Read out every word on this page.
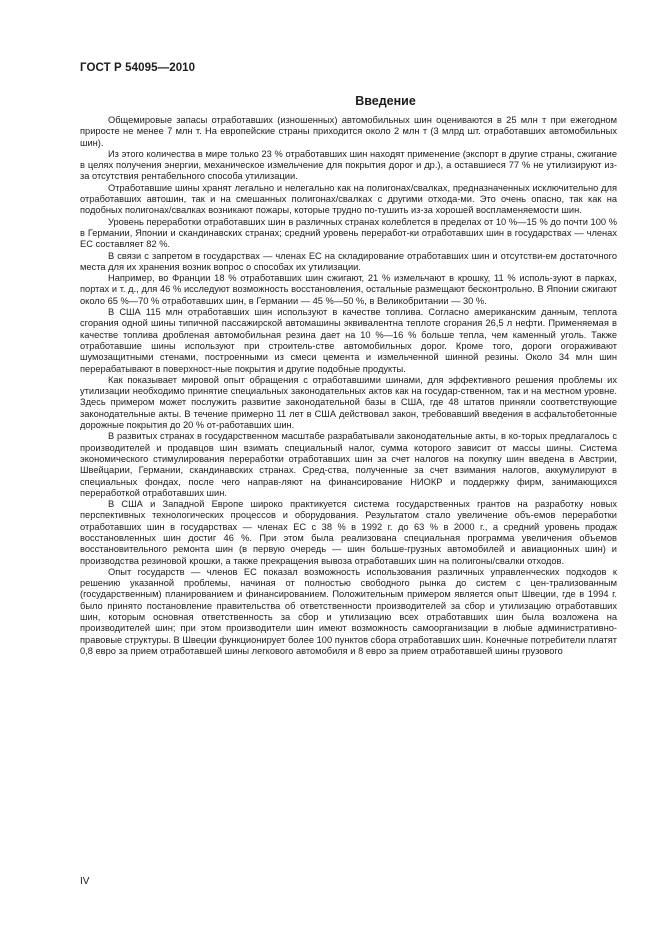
ГОСТ Р 54095—2010
Введение

Общемировые запасы отработавших (изношенных) автомобильных шин оцениваются в 25 млн т при ежегодном приросте не менее 7 млн т. На европейские страны приходится около 2 млн т (3 млрд шт. отработавших автомобильных шин).

Из этого количества в мире только 23 % отработавших шин находят применение (экспорт в другие страны, сжигание в целях получения энергии, механическое измельчение для покрытия дорог и др.), а оставшиеся 77 % не утилизируют из-за отсутствия рентабельного способа утилизации.

Отработавшие шины хранят легально и нелегально как на полигонах/свалках, предназначенных исключительно для отработавших автошин, так и на смешанных полигонах/свалках с другими отхода-ми. Это очень опасно, так как на подобных полигонах/свалках возникают пожары, которые трудно по-тушить из-за хорошей воспламеняемости шин.

Уровень переработки отработавших шин в различных странах колеблется в пределах от 10 %—15 % до почти 100 % в Германии, Японии и скандинавских странах; средний уровень переработ-ки отработавших шин в государствах — членах ЕС составляет 82 %.

В связи с запретом в государствах — членах ЕС на складирование отработавших шин и отсутстви-ем достаточного места для их хранения возник вопрос о способах их утилизации.

Например, во Франции 18 % отработавших шин сжигают, 21 % измельчают в крошку, 11 % исполь-зуют в парках, портах и т. д., для 46 % исследуют возможность восстановления, остальные размещают бесконтрольно. В Японии сжигают около 65 %—70 % отработавших шин, в Германии — 45 %—50 %, в Великобритании — 30 %.

В США 115 млн отработавших шин используют в качестве топлива. Согласно американским данным, теплота сгорания одной шины типичной пассажирской автомашины эквивалентна теплоте сгорания 26,5 л нефти. Применяемая в качестве топлива дробленая автомобильная резина дает на 10 %—16 % больше тепла, чем каменный уголь. Также отработавшие шины используют при строитель-стве автомобильных дорог. Кроме того, дороги огораживают шумозащитными стенами, построенными из смеси цемента и измельченной шинной резины. Около 34 млн шин перерабатывают в поверхност-ные покрытия и другие подобные продукты.

Как показывает мировой опыт обращения с отработавшими шинами, для эффективного решения проблемы их утилизации необходимо принятие специальных законодательных актов как на государ-ственном, так и на местном уровне. Здесь примером может послужить развитие законодательной базы в США, где 48 штатов приняли соответствующие законодательные акты. В течение примерно 11 лет в США действовал закон, требовавший введения в асфальтобетонные дорожные покрытия до 20 % от-работавших шин.

В развитых странах в государственном масштабе разрабатывали законодательные акты, в ко-торых предлагалось с производителей и продавцов шин взимать специальный налог, сумма которого зависит от массы шины. Система экономического стимулирования переработки отработавших шин за счет налогов на покупку шин введена в Австрии, Швейцарии, Германии, скандинавских странах. Сред-ства, полученные за счет взимания налогов, аккумулируют в специальных фондах, после чего направ-ляют на финансирование НИОКР и поддержку фирм, занимающихся переработкой отработавших шин.

В США и Западной Европе широко практикуется система государственных грантов на разработку новых перспективных технологических процессов и оборудования. Результатом стало увеличение объ-емов переработки отработавших шин в государствах — членах ЕС с 38 % в 1992 г. до 63 % в 2000 г., а средний уровень продаж восстановленных шин достиг 46 %. При этом была реализована специальная программа увеличения объемов восстановительного ремонта шин (в первую очередь — шин больше-грузных автомобилей и авиационных шин) и производства резиновой крошки, а также прекращения вывоза отработавших шин на полигоны/свалки отходов.

Опыт государств — членов ЕС показал возможность использования различных управленческих подходов к решению указанной проблемы, начиная от полностью свободного рынка до систем с цен-трализованным (государственным) планированием и финансированием. Положительным примером является опыт Швеции, где в 1994 г. было принято постановление правительства об ответственности производителей за сбор и утилизацию отработавших шин, которым основная ответственность за сбор и утилизацию всех отработавших шин была возложена на производителей шин; при этом производители шин имеют возможность самоорганизации в любые административно-правовые структуры. В Швеции функционирует более 100 пунктов сбора отработавших шин. Конечные потребители платят 0,8 евро за прием отработавшей шины легкового автомобиля и 8 евро за прием отработавшей шины грузового

IV
